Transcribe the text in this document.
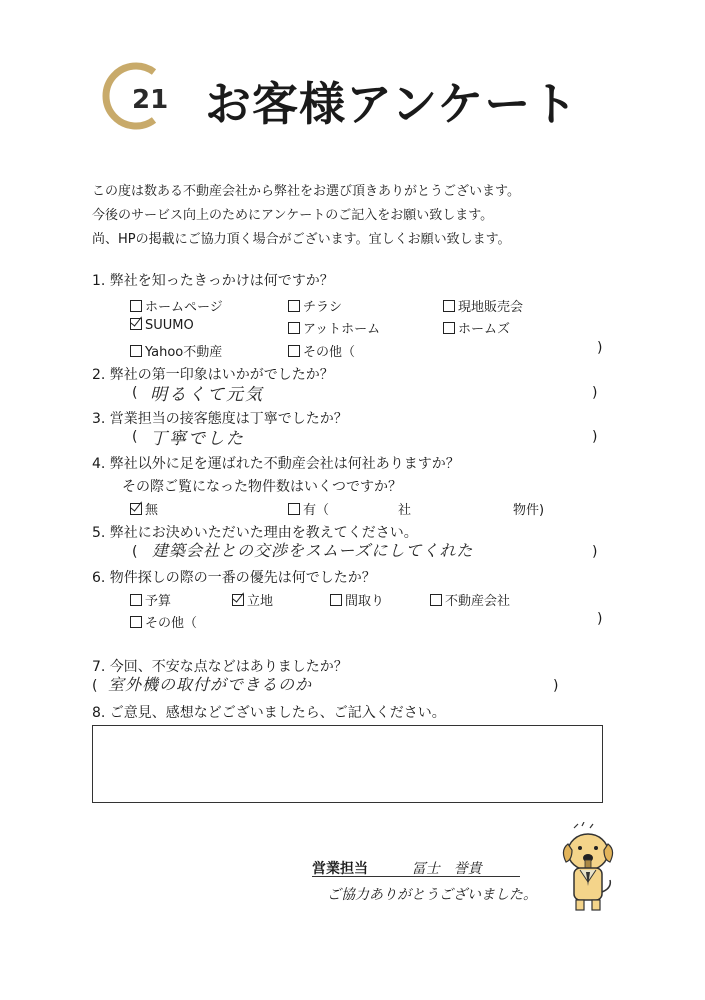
21 お客様アンケート
この度は数ある不動産会社から弊社をお選び頂きありがとうございます。
今後のサービス向上のためにアンケートのご記入をお願い致します。
尚、HPの掲載にご協力頂く場合がございます。宜しくお願い致します。
1. 弊社を知ったきっかけは何ですか？
ホームページ	チラシ	現地販売会
SUUMO	アットホーム	ホームズ
Yahoo不動産	その他（	)
2. 弊社の第一印象はいかがでしたか？
( 明るくて元気	)
3. 営業担当の接客態度は丁寧でしたか？
( 丁寧でした	)
4. 弊社以外に足を運ばれた不動産会社は何社ありますか？
その際ご覧になった物件数はいくつですか？
無	有（	社	物件)
5. 弊社にお決めいただいた理由を教えてください。
( 建築会社との交渉をスムーズにしてくれた	)
6. 物件探しの際の一番の優先は何でしたか？
予算	立地	間取り	不動産会社
その他（	)
7. 今回、不安な点などはありましたか？
( 室外機の取付ができるのか	)
8. ご意見、感想などございましたら、ご記入ください。
営業担当	冨士　誉貴
ご協力ありがとうございました。
